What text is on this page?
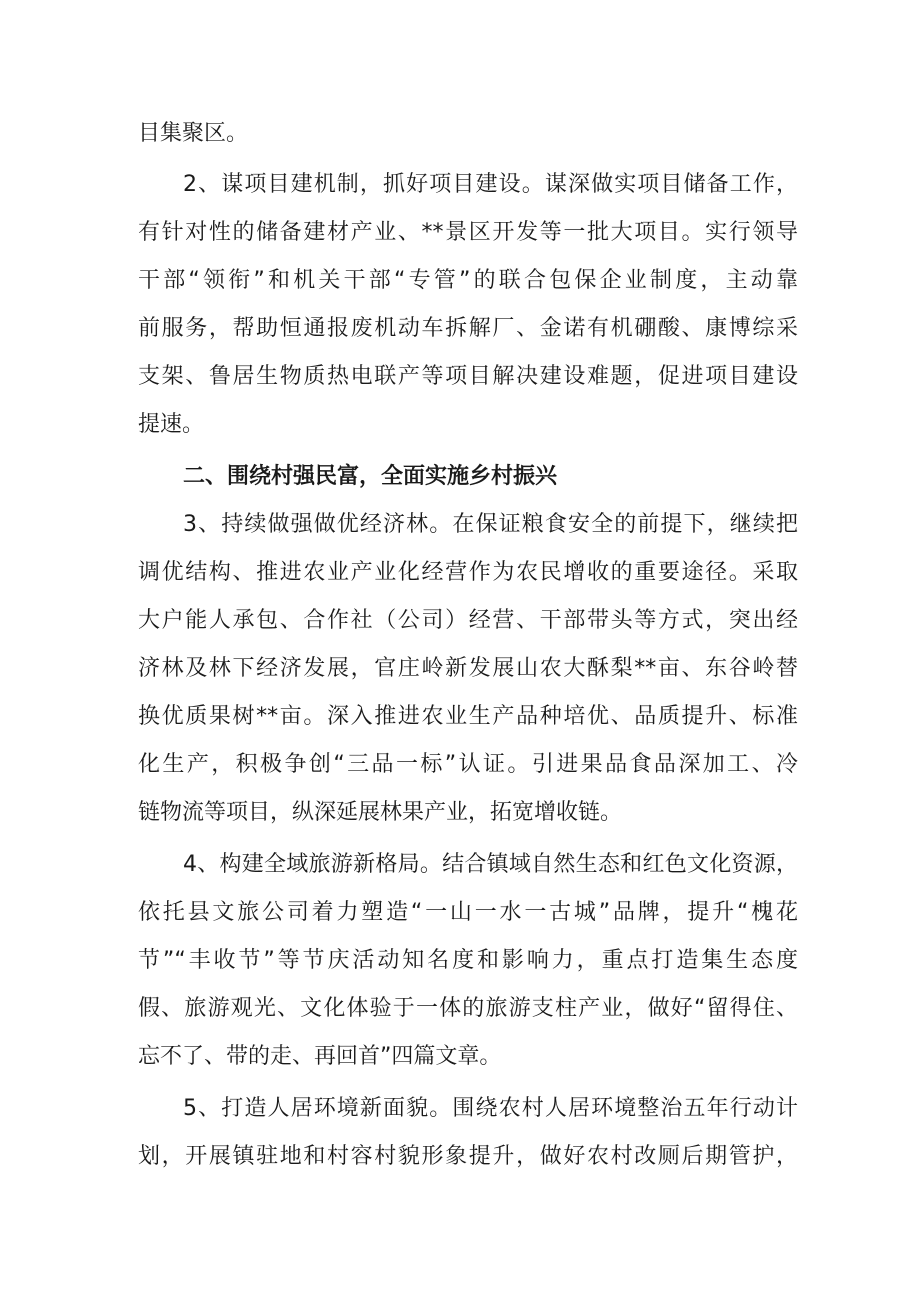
目集聚区。
2、谋项目建机制，抓好项目建设。谋深做实项目储备工作，
有针对性的储备建材产业、**景区开发等一批大项目。实行领导
干部“领衔”和机关干部“专管”的联合包保企业制度，主动靠
前服务，帮助恒通报废机动车拆解厂、金诺有机硼酸、康博综采
支架、鲁居生物质热电联产等项目解决建设难题，促进项目建设
提速。
二、围绕村强民富，全面实施乡村振兴
3、持续做强做优经济林。在保证粮食安全的前提下，继续把
调优结构、推进农业产业化经营作为农民增收的重要途径。采取
大户能人承包、合作社（公司）经营、干部带头等方式，突出经
济林及林下经济发展，官庄岭新发展山农大酥梨**亩、东谷岭替
换优质果树**亩。深入推进农业生产品种培优、品质提升、标准
化生产，积极争创“三品一标”认证。引进果品食品深加工、冷
链物流等项目，纵深延展林果产业，拓宽增收链。
4、构建全域旅游新格局。结合镇域自然生态和红色文化资源，
依托县文旅公司着力塑造“一山一水一古城”品牌，提升“槐花
节”“丰收节”等节庆活动知名度和影响力，重点打造集生态度
假、旅游观光、文化体验于一体的旅游支柱产业，做好“留得住、
忘不了、带的走、再回首”四篇文章。
5、打造人居环境新面貌。围绕农村人居环境整治五年行动计
划，开展镇驻地和村容村貌形象提升，做好农村改厕后期管护，
